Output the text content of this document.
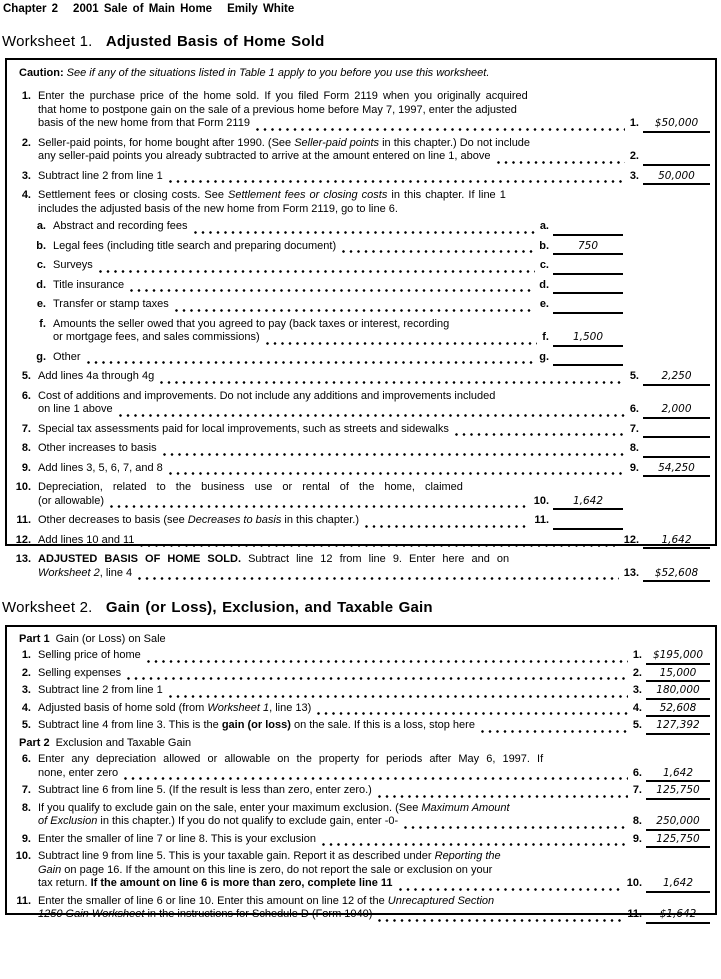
Chapter 2 2001 Sale of Main Home Emily White
Worksheet 1. Adjusted Basis of Home Sold
Caution: See if any of the situations listed in Table 1 apply to you before you use this worksheet.
1. Enter the purchase price of the home sold. If you filed Form 2119 when you originally acquired
that home to postpone gain on the sale of a previous home before May 7, 1997, enter the adjusted
basis of the new home from that Form 2119	1.	$50,000
2. Seller-paid points, for home bought after 1990. (See Seller-paid points in this chapter.) Do not include
any seller-paid points you already subtracted to arrive at the amount entered on line 1, above	2.

3. Subtract line 2 from line 1	3.	50,000
4. Settlement fees or closing costs. See Settlement fees or closing costs in this chapter. If line 1
includes the adjusted basis of the new home from Form 2119, go to line 6.
a. Abstract and recording fees	a.

b. Legal fees (including title search and preparing document)	b.	750
c. Surveys	c.

d. Title insurance	d.

e. Transfer or stamp taxes	e.

f. Amounts the seller owed that you agreed to pay (back taxes or interest, recording
or mortgage fees, and sales commissions)	f.	1,500
g. Other	g.

5. Add lines 4a through 4g	5.	2,250
6. Cost of additions and improvements. Do not include any additions and improvements included
on line 1 above	6.	2,000
7. Special tax assessments paid for local improvements, such as streets and sidewalks	7.

8. Other increases to basis	8.

9. Add lines 3, 5, 6, 7, and 8	9.	54,250
10. Depreciation, related to the business use or rental of the home, claimed
(or allowable)	10.	1,642
11. Other decreases to basis (see Decreases to basis in this chapter.)	11.

12. Add lines 10 and 11	12.	1,642
13. ADJUSTED BASIS OF HOME SOLD. Subtract line 12 from line 9. Enter here and on
Worksheet 2, line 4	13.	$52,608
Worksheet 2. Gain (or Loss), Exclusion, and Taxable Gain
Part 1 Gain (or Loss) on Sale
1. Selling price of home	1.	$195,000
2. Selling expenses	2.	15,000
3. Subtract line 2 from line 1	3.	180,000
4. Adjusted basis of home sold (from Worksheet 1, line 13)	4.	52,608
5. Subtract line 4 from line 3. This is the gain (or loss) on the sale. If this is a loss, stop here	5.	127,392
Part 2 Exclusion and Taxable Gain
6. Enter any depreciation allowed or allowable on the property for periods after May 6, 1997. If
none, enter zero	6.	1,642
7. Subtract line 6 from line 5. (If the result is less than zero, enter zero.)	7.	125,750
8. If you qualify to exclude gain on the sale, enter your maximum exclusion. (See Maximum Amount
of Exclusion in this chapter.) If you do not qualify to exclude gain, enter -0-	8.	250,000
9. Enter the smaller of line 7 or line 8. This is your exclusion	9.	125,750
10. Subtract line 9 from line 5. This is your taxable gain. Report it as described under Reporting the
Gain on page 16. If the amount on this line is zero, do not report the sale or exclusion on your
tax return. If the amount on line 6 is more than zero, complete line 11	10.	1,642
11. Enter the smaller of line 6 or line 10. Enter this amount on line 12 of the Unrecaptured Section
1250 Gain Worksheet in the instructions for Schedule D (Form 1040)	11.	$1,642
